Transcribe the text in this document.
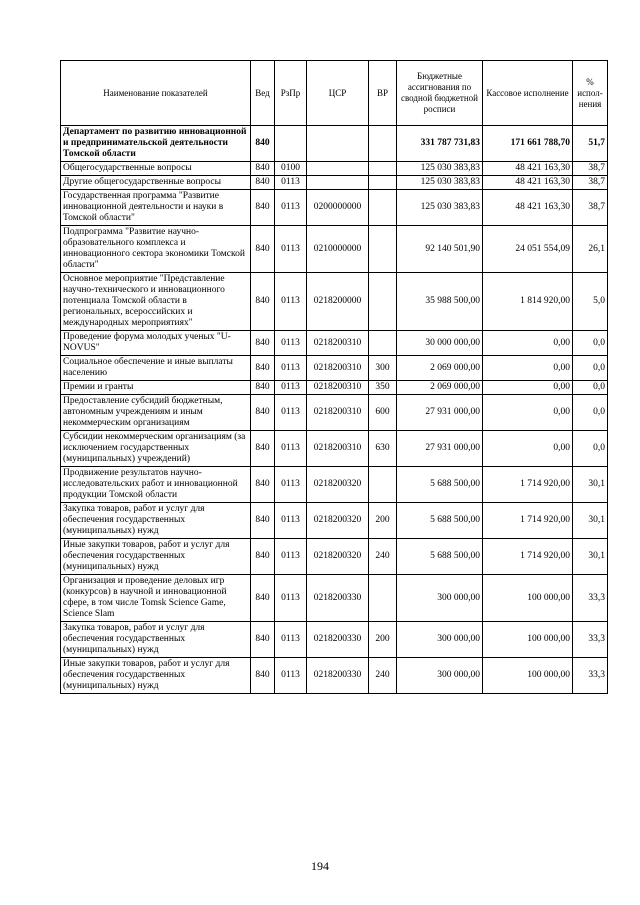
Наименование показателей	Вед	РзПр	ЦСР	ВР	Бюджетные ассигнования по сводной бюджетной росписи	Кассовое исполнение	% испол-нения
Департамент по развитию инновационной и предпринимательской деятельности Томской области	840				331 787 731,83	171 661 788,70	51,7
Общегосударственные вопросы	840	0100			125 030 383,83	48 421 163,30	38,7
Другие общегосударственные вопросы	840	0113			125 030 383,83	48 421 163,30	38,7
Государственная программа "Развитие инновационной деятельности и науки в Томской области"	840	0113	0200000000		125 030 383,83	48 421 163,30	38,7
Подпрограмма "Развитие научно-образовательного комплекса и инновационного сектора экономики Томской области"	840	0113	0210000000		92 140 501,90	24 051 554,09	26,1
Основное мероприятие "Представление научно-технического и инновационного потенциала Томской области в региональных, всероссийских и международных мероприятиях"	840	0113	0218200000		35 988 500,00	1 814 920,00	5,0
Проведение форума молодых ученых "U-NOVUS"	840	0113	0218200310		30 000 000,00	0,00	0,0
Социальное обеспечение и иные выплаты населению	840	0113	0218200310	300	2 069 000,00	0,00	0,0
Премии и гранты	840	0113	0218200310	350	2 069 000,00	0,00	0,0
Предоставление субсидий бюджетным, автономным учреждениям и иным некоммерческим организациям	840	0113	0218200310	600	27 931 000,00	0,00	0,0
Субсидии некоммерческим организациям (за исключением государственных (муниципальных) учреждений)	840	0113	0218200310	630	27 931 000,00	0,00	0,0
Продвижение результатов научно-исследовательских работ и инновационной продукции Томской области	840	0113	0218200320		5 688 500,00	1 714 920,00	30,1
Закупка товаров, работ и услуг для обеспечения государственных (муниципальных) нужд	840	0113	0218200320	200	5 688 500,00	1 714 920,00	30,1
Иные закупки товаров, работ и услуг для обеспечения государственных (муниципальных) нужд	840	0113	0218200320	240	5 688 500,00	1 714 920,00	30,1
Организация и проведение деловых игр (конкурсов) в научной и инновационной сфере, в том числе Tomsk Science Game, Science Slam	840	0113	0218200330		300 000,00	100 000,00	33,3
Закупка товаров, работ и услуг для обеспечения государственных (муниципальных) нужд	840	0113	0218200330	200	300 000,00	100 000,00	33,3
Иные закупки товаров, работ и услуг для обеспечения государственных (муниципальных) нужд	840	0113	0218200330	240	300 000,00	100 000,00	33,3
194
